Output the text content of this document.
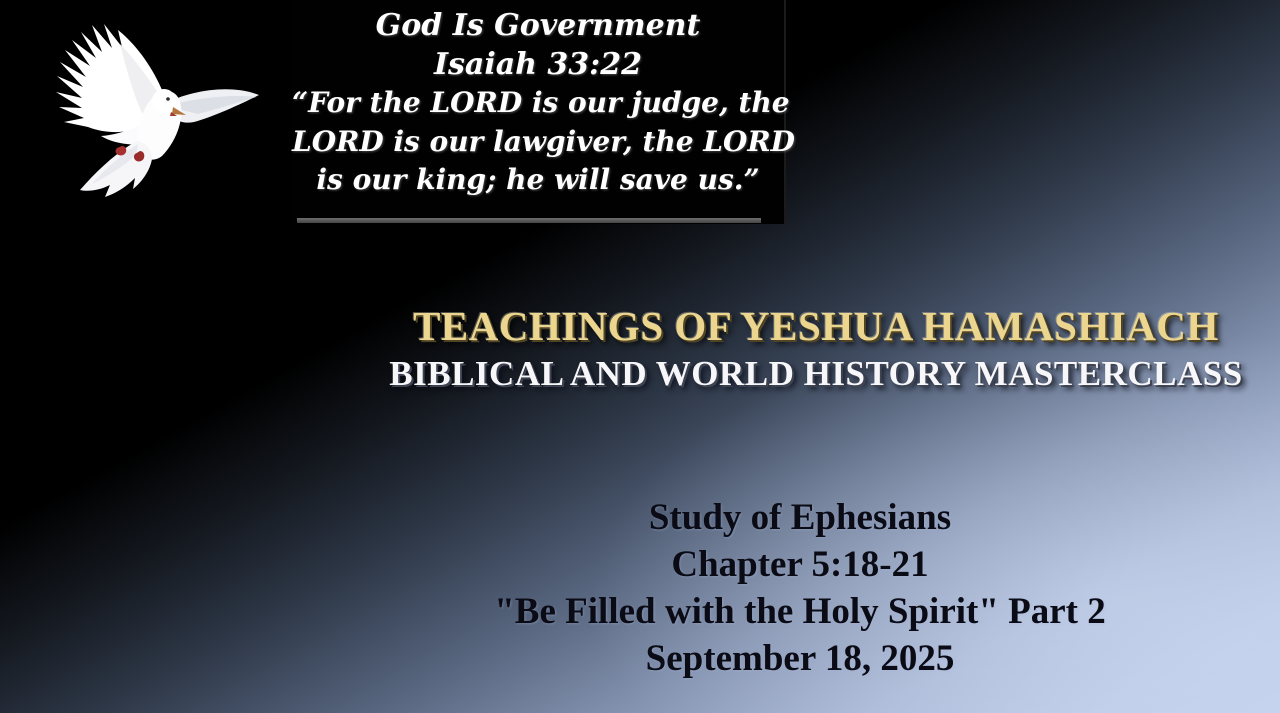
God Is Government
Isaiah 33:22
“For the LORD is our judge, the
LORD is our lawgiver, the LORD
is our king; he will save us.”
TEACHINGS OF YESHUA HAMASHIACH
BIBLICAL AND WORLD HISTORY MASTERCLASS
Study of Ephesians
Chapter 5:18-21
"Be Filled with the Holy Spirit" Part 2
September 18, 2025
